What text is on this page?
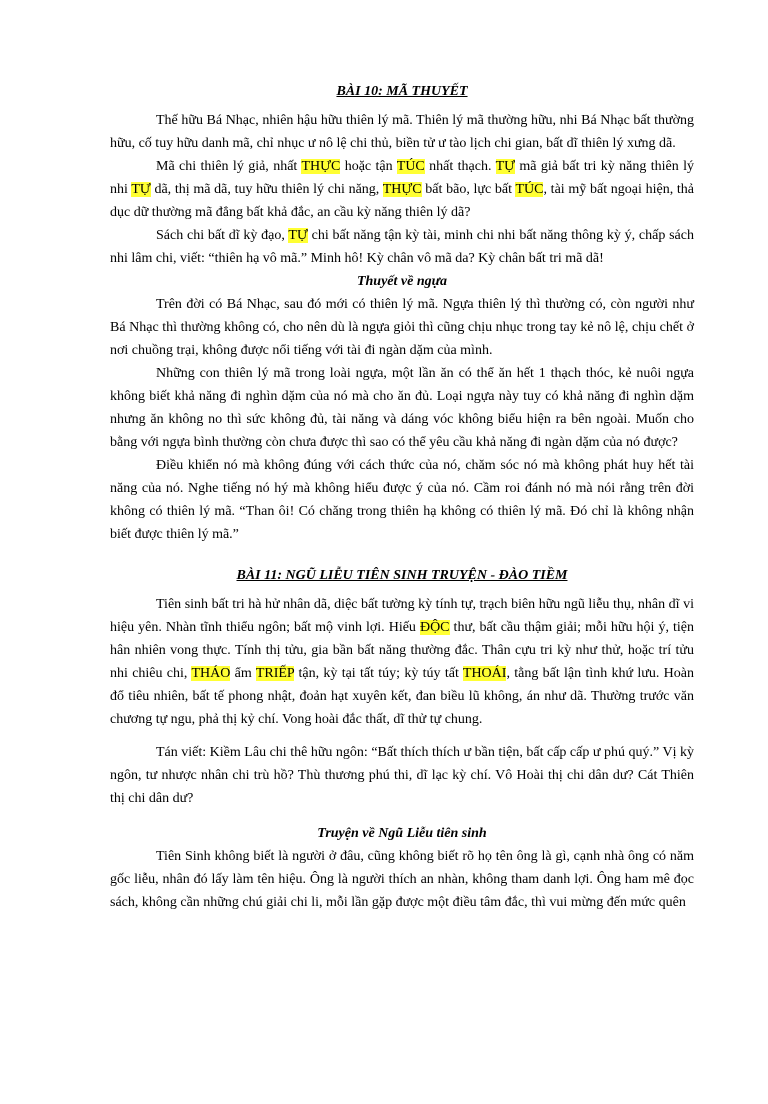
BÀI 10: MÃ THUYẾT

Thế hữu Bá Nhạc, nhiên hậu hữu thiên lý mã. Thiên lý mã thường hữu, nhi Bá Nhạc bất thường hữu, cố tuy hữu danh mã, chỉ nhục ư nô lệ chi thủ, biền tử ư tào lịch chi gian, bất dĩ thiên lý xưng dã.

Mã chi thiên lý giả, nhất THỰC hoặc tận TÚC nhất thạch. TỰ mã giả bất tri kỳ năng thiên lý nhi TỰ dã, thị mã dã, tuy hữu thiên lý chi năng, THỰC bất bão, lực bất TÚC, tài mỹ bất ngoại hiện, thả dục dữ thường mã đẳng bất khả đắc, an cầu kỳ năng thiên lý dã?

Sách chi bất dĩ kỳ đạo, TỰ chi bất năng tận kỳ tài, minh chi nhi bất năng thông kỳ ý, chấp sách nhi lâm chi, viết: “thiên hạ vô mã.” Minh hô! Kỳ chân vô mã da? Kỳ chân bất tri mã dã!

Thuyết về ngựa

Trên đời có Bá Nhạc, sau đó mới có thiên lý mã. Ngựa thiên lý thì thường có, còn người như Bá Nhạc thì thường không có, cho nên dù là ngựa giỏi thì cũng chịu nhục trong tay kẻ nô lệ, chịu chết ở nơi chuồng trại, không được nổi tiếng với tài đi ngàn dặm của mình.

Những con thiên lý mã trong loài ngựa, một lần ăn có thể ăn hết 1 thạch thóc, kẻ nuôi ngựa không biết khả năng đi nghìn dặm của nó mà cho ăn đủ. Loại ngựa này tuy có khả năng đi nghìn dặm nhưng ăn không no thì sức không đủ, tài năng và dáng vóc không biểu hiện ra bên ngoài. Muốn cho bằng với ngựa bình thường còn chưa được thì sao có thể yêu cầu khả năng đi ngàn dặm của nó được?

Điều khiển nó mà không đúng với cách thức của nó, chăm sóc nó mà không phát huy hết tài năng của nó. Nghe tiếng nó hý mà không hiểu được ý của nó. Cầm roi đánh nó mà nói rằng trên đời không có thiên lý mã. “Than ôi! Có chăng trong thiên hạ không có thiên lý mã. Đó chỉ là không nhận biết được thiên lý mã.”

BÀI 11: NGŨ LIỄU TIÊN SINH TRUYỆN - ĐÀO TIỀM

Tiên sinh bất tri hà hử nhân dã, diệc bất tường kỳ tính tự, trạch biên hữu ngũ liễu thụ, nhân dĩ vi hiệu yên. Nhàn tĩnh thiểu ngôn; bất mộ vinh lợi. Hiếu ĐỘC thư, bất cầu thậm giải; mỗi hữu hội ý, tiện hân nhiên vong thực. Tính thị tửu, gia bần bất năng thường đắc. Thân cựu tri kỳ như thử, hoặc trí tửu nhi chiêu chi, THÁO ẩm TRIẾP tận, kỳ tại tất túy; kỳ túy tất THOÁI, tằng bất lận tình khứ lưu. Hoàn đổ tiêu nhiên, bất tế phong nhật, đoản hạt xuyên kết, đan biều lũ không, án như dã. Thường trước văn chương tự ngu, phả thị kỷ chí. Vong hoài đắc thất, dĩ thử tự chung.

Tán viết: Kiềm Lâu chi thê hữu ngôn: “Bất thích thích ư bần tiện, bất cấp cấp ư phú quý.” Vị kỳ ngôn, tư nhược nhân chi trù hồ? Thù thương phú thi, dĩ lạc kỳ chí. Vô Hoài thị chi dân dư? Cát Thiên thị chi dân dư?

Truyện về Ngũ Liễu tiên sinh

Tiên Sinh không biết là người ở đâu, cũng không biết rõ họ tên ông là gì, cạnh nhà ông có năm gốc liễu, nhân đó lấy làm tên hiệu. Ông là người thích an nhàn, không tham danh lợi. Ông ham mê đọc sách, không cần những chú giải chi li, mỗi lần gặp được một điều tâm đắc, thì vui mừng đến mức quên
